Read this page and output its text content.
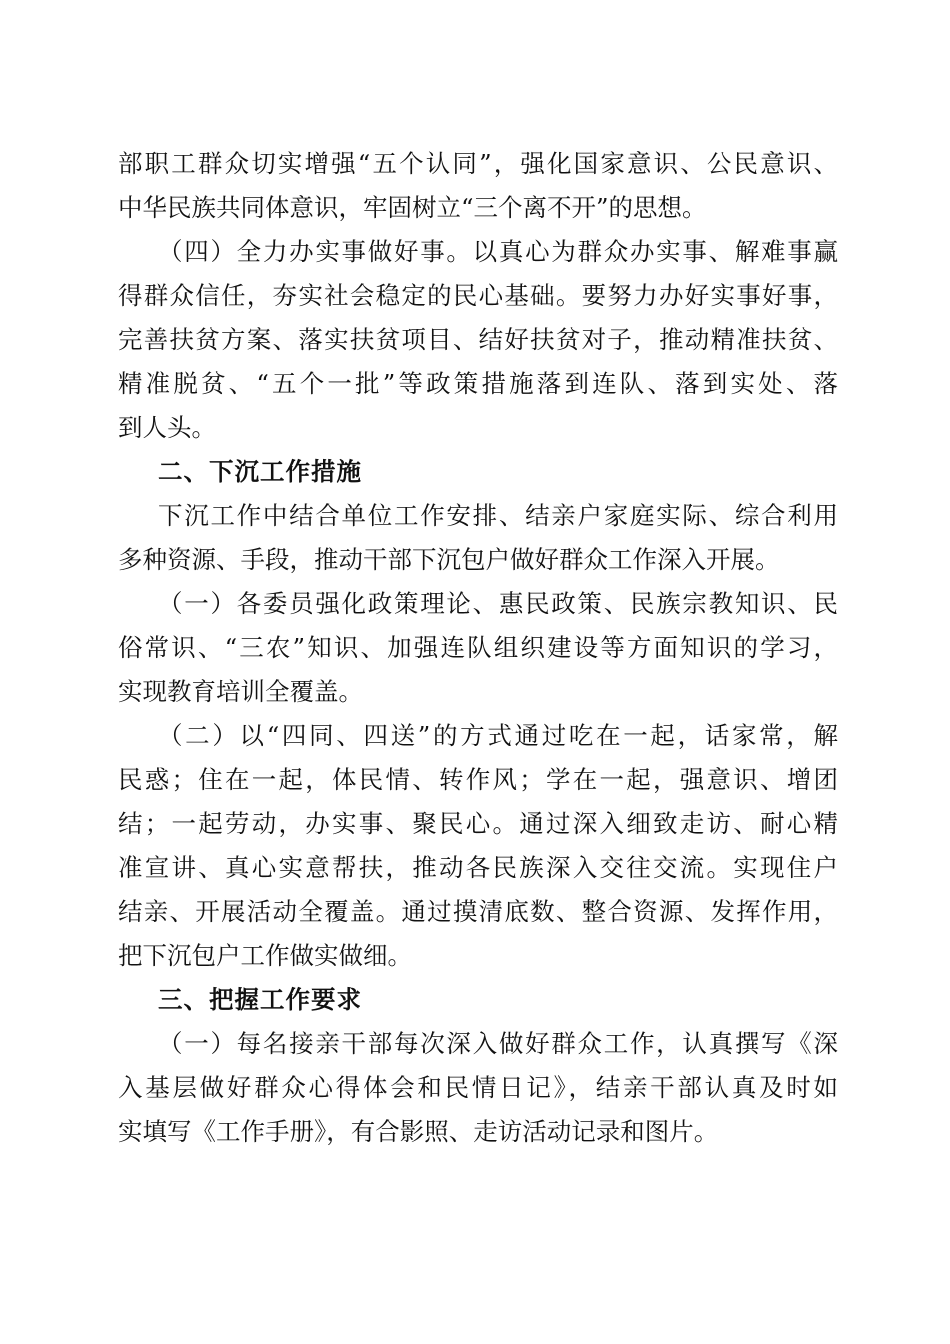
部职工群众切实增强“五个认同”，强化国家意识、公民意识、
中华民族共同体意识，牢固树立“三个离不开”的思想。
（四）全力办实事做好事。以真心为群众办实事、解难事赢
得群众信任，夯实社会稳定的民心基础。要努力办好实事好事，
完善扶贫方案、落实扶贫项目、结好扶贫对子，推动精准扶贫、
精准脱贫、“五个一批”等政策措施落到连队、落到实处、落
到人头。
二、下沉工作措施
下沉工作中结合单位工作安排、结亲户家庭实际、综合利用
多种资源、手段，推动干部下沉包户做好群众工作深入开展。
（一）各委员强化政策理论、惠民政策、民族宗教知识、民
俗常识、“三农”知识、加强连队组织建设等方面知识的学习，
实现教育培训全覆盖。
（二）以“四同、四送”的方式通过吃在一起，话家常，解
民惑；住在一起，体民情、转作风；学在一起，强意识、增团
结；一起劳动，办实事、聚民心。通过深入细致走访、耐心精
准宣讲、真心实意帮扶，推动各民族深入交往交流。实现住户
结亲、开展活动全覆盖。通过摸清底数、整合资源、发挥作用，
把下沉包户工作做实做细。
三、把握工作要求
（一）每名接亲干部每次深入做好群众工作，认真撰写《深
入基层做好群众心得体会和民情日记》，结亲干部认真及时如
实填写《工作手册》，有合影照、走访活动记录和图片。
